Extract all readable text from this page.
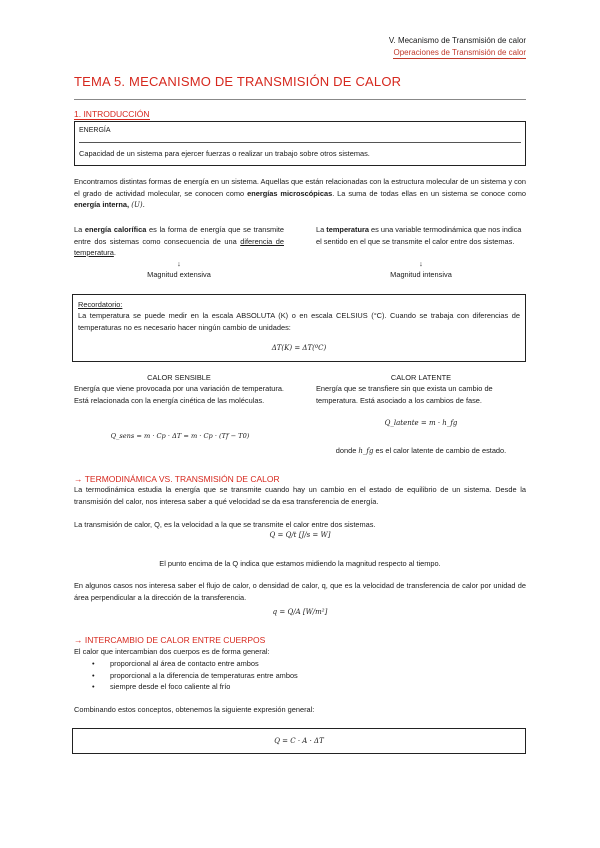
V. Mecanismo de Transmisión de calor
Operaciones de Transmisión de calor
TEMA 5. MECANISMO DE TRANSMISIÓN DE CALOR
1. INTRODUCCIÓN
ENERGÍA
Capacidad de un sistema para ejercer fuerzas o realizar un trabajo sobre otros sistemas.
Encontramos distintas formas de energía en un sistema. Aquellas que están relacionadas con la estructura molecular de un sistema y con el grado de actividad molecular, se conocen como energías microscópicas. La suma de todas ellas en un sistema se conoce como energía interna, (U).
La energía calorífica es la forma de energía que se transmite entre dos sistemas como consecuencia de una diferencia de temperatura.
↓
Magnitud extensiva
La temperatura es una variable termodinámica que nos indica el sentido en el que se transmite el calor entre dos sistemas.
↓
Magnitud intensiva
Recordatorio:
La temperatura se puede medir en la escala ABSOLUTA (K) o en escala CELSIUS (°C). Cuando se trabaja con diferencias de temperaturas no es necesario hacer ningún cambio de unidades:
ΔT(K) = ΔT(ºC)
CALOR SENSIBLE
Energía que viene provocada por una variación de temperatura. Está relacionada con la energía cinética de las moléculas.
Q_sens = m · Cp · ΔT = m · Cp · (Tf − T0)
CALOR LATENTE
Energía que se transfiere sin que exista un cambio de temperatura. Está asociado a los cambios de fase.
Q_latente = m · h_fg
donde h_fg es el calor latente de cambio de estado.
→ TERMODINÁMICA VS. TRANSMISIÓN DE CALOR
La termodinámica estudia la energía que se transmite cuando hay un cambio en el estado de equilibrio de un sistema. Desde la transmisión del calor, nos interesa saber a qué velocidad se da esa transferencia de energía.
La transmisión de calor, Q, es la velocidad a la que se transmite el calor entre dos sistemas.
Q = Q/t [J/s = W]
El punto encima de la Q indica que estamos midiendo la magnitud respecto al tiempo.
En algunos casos nos interesa saber el flujo de calor, o densidad de calor, q, que es la velocidad de transferencia de calor por unidad de área perpendicular a la dirección de la transferencia.
q = Q/A [W/m²]
→ INTERCAMBIO DE CALOR ENTRE CUERPOS
El calor que intercambian dos cuerpos es de forma general:
• proporcional al área de contacto entre ambos
• proporcional a la diferencia de temperaturas entre ambos
• siempre desde el foco caliente al frío
Combinando estos conceptos, obtenemos la siguiente expresión general:
Q = C · A · ΔT
